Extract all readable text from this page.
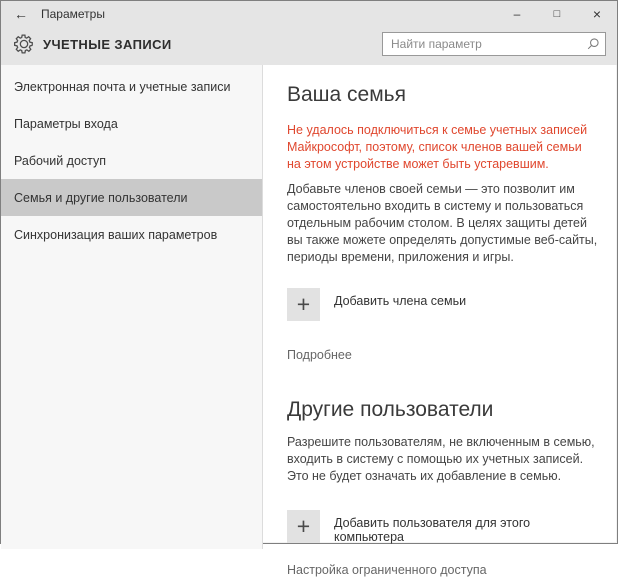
←	Параметры	–	□	×
УЧЕТНЫЕ ЗАПИСИ
Найти параметр
Электронная почта и учетные записи
Параметры входа
Рабочий доступ
Семья и другие пользователи
Синхронизация ваших параметров
Ваша семья

Не удалось подключиться к семье учетных записей Майкрософт, поэтому, список членов вашей семьи на этом устройстве может быть устаревшим.

Добавьте членов своей семьи — это позволит им самостоятельно входить в систему и пользоваться отдельным рабочим столом. В целях защиты детей вы также можете определять допустимые веб-сайты, периоды времени, приложения и игры.

+	Добавить члена семьи
Подробнее
Другие пользователи

Разрешите пользователям, не включенным в семью, входить в систему с помощью их учетных записей. Это не будет означать их добавление в семью.

+	Добавить пользователя для этого компьютера
Настройка ограниченного доступа
